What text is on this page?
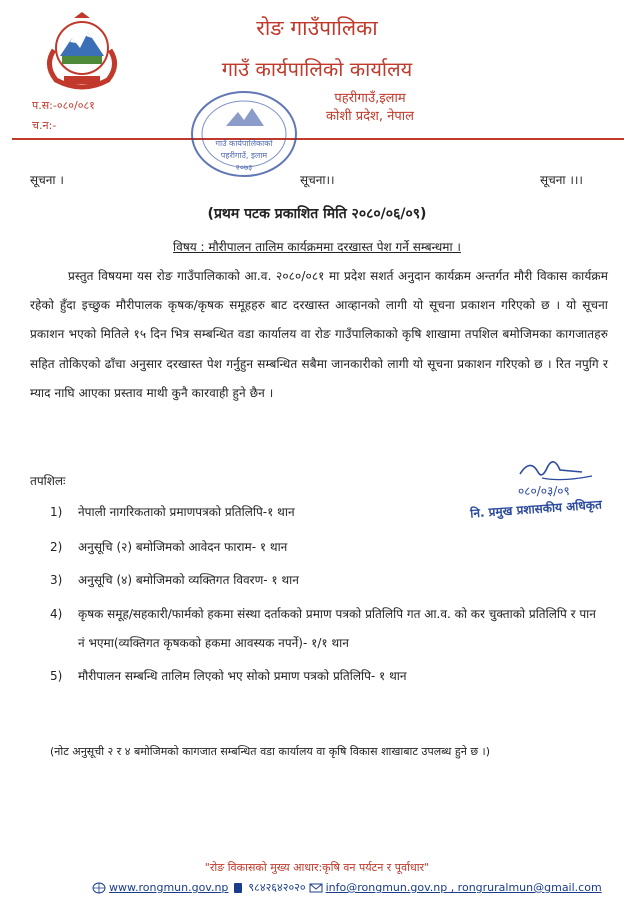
रोङ गाउँपालिका
गाउँ कार्यपालिको कार्यालय
पहरीगाउँ,इलाम
कोशी प्रदेश, नेपाल
प.स:-०८०/०८१
च.न:-
गाउँ कार्यपालिकाको
पहरीगाउँ, इलाम
२०७३
सूचना ।	सूचना।।	सूचना ।।।
(प्रथम पटक प्रकाशित मिति २०८०/०६/०९)
विषय : मौरीपालन तालिम कार्यक्रममा दरखास्त पेश गर्ने सम्बन्धमा ।
प्रस्तुत विषयमा यस रोङ गाउँपालिकाको आ.व. २०८०/०८१ मा प्रदेश सशर्त अनुदान कार्यक्रम अन्तर्गत मौरी विकास कार्यक्रम रहेको हुँदा इच्छुक मौरीपालक कृषक/कृषक समूहहरु बाट दरखास्त आव्हानको लागी यो सूचना प्रकाशन गरिएको छ । यो सूचना प्रकाशन भएको मितिले १५ दिन भित्र सम्बन्धित वडा कार्यालय वा रोङ गाउँपालिकाको कृषि शाखामा तपशिल बमोजिमका कागजातहरु सहित तोकिएको ढाँचा अनुसार दरखास्त पेश गर्नुहुन सम्बन्धित सबैमा जानकारीको लागी यो सूचना प्रकाशन गरिएको छ । रित नपुगि र म्याद नाघि आएका प्रस्ताव माथी कुनै कारवाही हुने छैन ।
तपशिलः
०८०/०३/०९
नि. प्रमुख प्रशासकीय अधिकृत
1) नेपाली नागरिकताको प्रमाणपत्रको प्रतिलिपि-१ थान
2) अनुसूचि (२) बमोजिमको आवेदन फाराम- १ थान
3) अनुसूचि (४) बमोजिमको व्यक्तिगत विवरण- १ थान
4) कृषक समूह/सहकारी/फार्मको हकमा संस्था दर्ताकको प्रमाण पत्रको प्रतिलिपि गत आ.व. को कर चुक्ताको प्रतिलिपि र पान नं भएमा(व्यक्तिगत कृषकको हकमा आवस्यक नपर्ने)- १/१ थान
5) मौरीपालन सम्बन्धि तालिम लिएको भए सोको प्रमाण पत्रको प्रतिलिपि- १ थान
(नोट अनुसूची २ र ४ बमोजिमको कागजात सम्बन्धित वडा कार्यालय वा कृषि विकास शाखाबाट उपलब्ध हुने छ ।)
"रोङ विकासको मुख्य आधार:कृषि वन पर्यटन र पूर्वाधार"
www.rongmun.gov.np ९८४२६४२०२० info@rongmun.gov.np , rongruralmun@gmail.com
